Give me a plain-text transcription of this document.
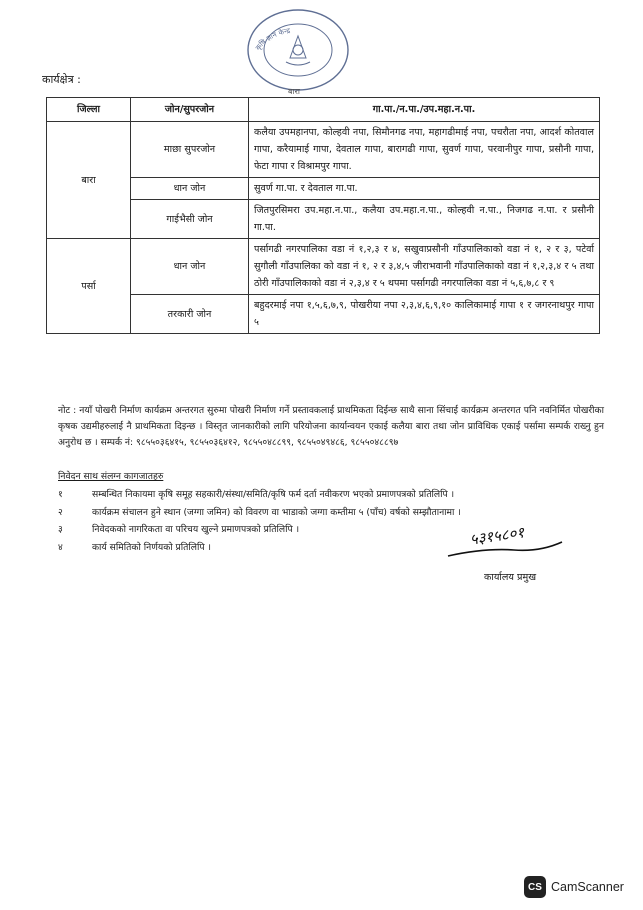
कृषि ज्ञान केन्द्र
बारा
कार्यक्षेत्र :
जिल्ला	जोन/सुपरजोन	गा.पा./न.पा./उप.महा.न.पा.
बारा	माछा सुपरजोन	कलैया उपमहानपा, कोल्हवी नपा, सिमौनगढ नपा, महागढीमाई नपा, पचरौता नपा, आदर्श कोतवाल गापा, करैयामाई गापा, देवताल गापा, बारागढी गापा, सुवर्ण गापा, परवानीपुर गापा, प्रसौनी गापा, फेटा गापा र विश्रामपुर गापा.
	धान जोन	सुवर्ण गा.पा. र देवताल गा.पा.
	गाईभैसी जोन	जितपुरसिमरा उप.महा.न.पा., कलैया उप.महा.न.पा., कोल्हवी न.पा., निजगढ न.पा. र प्रसौनी गा.पा.
पर्सा	धान जोन	पर्सागढी नगरपालिका वडा नं १,२,३ र ४, सखुवाप्रसौनी गाँउपालिकाको वडा नं १, २ र ३, पटेर्वा सुगौली गाँउपालिका को वडा नं १, २ र ३,४,५ जीराभवानी गाँउपालिकाको वडा नं १,२,३,४ र ५ तथा ठोरी गाँउपालिकाको वडा नं २,३,४ र ५ थपमा पर्सागढी नगरपालिका वडा नं ५,६,७,८ र ९
	तरकारी जोन	बहुदरमाई नपा १,५,६,७,९, पोखरीया नपा २,३,४,६,९,१० कालिकामाई गापा १ र जगरनाथपुर गापा ५
नोट : नयाँ पोखरी निर्माण कार्यक्रम अन्तरगत सुरुमा पोखरी निर्माण गर्ने प्रस्तावकलाई प्राथमिकता दिईन्छ साथै साना सिंचाई कार्यक्रम अन्तरगत पनि नवनिर्मित पोखरीका कृषक उद्यमीहरुलाई नै प्राथमिकता दिइन्छ । विस्तृत जानकारीको लागि परियोजना कार्यान्वयन एकाई कलैया बारा तथा जोन प्राविधिक एकाई पर्सामा सम्पर्क राख्नु हुन अनुरोध छ । सम्पर्क नं: ९८५५०३६४१५, ९८५५०३६४१२, ९८५५०४८८९९, ९८५५०४९४८६, ९८५५०४८८९७
निवेदन साथ संलग्न कागजातहरु
१	सम्बन्धित निकायमा कृषि समूह सहकारी/संस्था/समिति/कृषि फर्म दर्ता नवीकरण भएको प्रमाणपत्रको प्रतिलिपि ।
२	कार्यक्रम संचालन हुने स्थान (जग्गा जमिन) को विवरण वा भाडाको जग्गा कम्तीमा ५ (पाँच) वर्षको सम्झौतानामा ।
३	निवेदकको नागरिकता वा परिचय खुल्ने प्रमाणपत्रको प्रतिलिपि ।
४	कार्य समितिको निर्णयको प्रतिलिपि ।	५३१५८०१
कार्यालय प्रमुख
CS CamScanner
